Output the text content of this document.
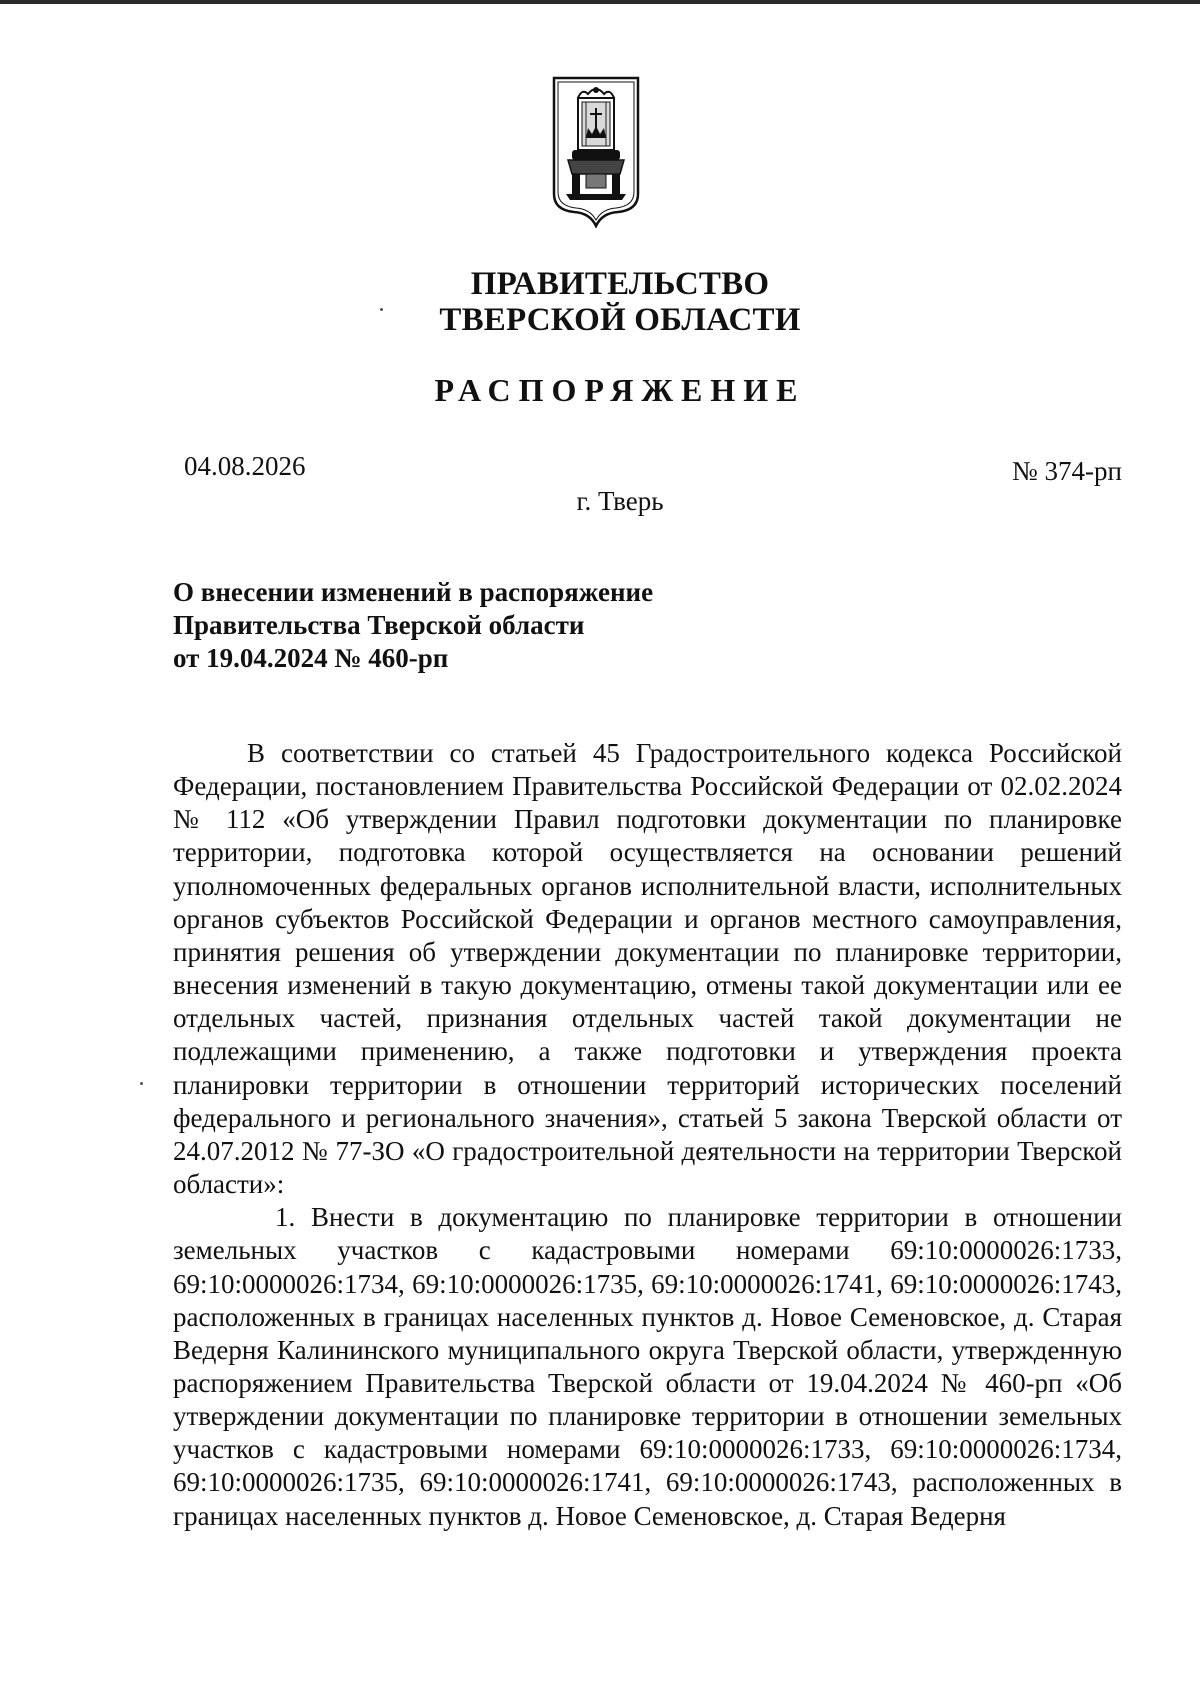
ПРАВИТЕЛЬСТВО
ТВЕРСКОЙ ОБЛАСТИ
РАСПОРЯЖЕНИЕ
04.08.2026	№ 374-рп
г. Тверь
О внесении изменений в распоряжение
Правительства Тверской области
от 19.04.2024 № 460-рп

В соответствии со статьей 45 Градостроительного кодекса Российской Федерации, постановлением Правительства Российской Федерации от 02.02.2024 № 112 «Об утверждении Правил подготовки документации по планировке территории, подготовка которой осуществляется на основании решений уполномоченных федеральных органов исполнительной власти, исполнительных органов субъектов Российской Федерации и органов местного самоуправления, принятия решения об утверждении документации по планировке территории, внесения изменений в такую документацию, отмены такой документации или ее отдельных частей, признания отдельных частей такой документации не подлежащими применению, а также подготовки и утверждения проекта планировки территории в отношении территорий исторических поселений федерального и регионального значения», статьей 5 закона Тверской области от 24.07.2012 № 77-ЗО «О градостроительной деятельности на территории Тверской области»:

1. Внести в документацию по планировке территории в отношении земельных участков с кадастровыми номерами 69:10:0000026:1733, 69:10:0000026:1734, 69:10:0000026:1735, 69:10:0000026:1741, 69:10:0000026:1743, расположенных в границах населенных пунктов д. Новое Семеновское, д. Старая Ведерня Калининского муниципального округа Тверской области, утвержденную распоряжением Правительства Тверской области от 19.04.2024 № 460-рп «Об утверждении документации по планировке территории в отношении земельных участков с кадастровыми номерами 69:10:0000026:1733, 69:10:0000026:1734, 69:10:0000026:1735, 69:10:0000026:1741, 69:10:0000026:1743, расположенных в границах населенных пунктов д. Новое Семеновское, д. Старая Ведерня
